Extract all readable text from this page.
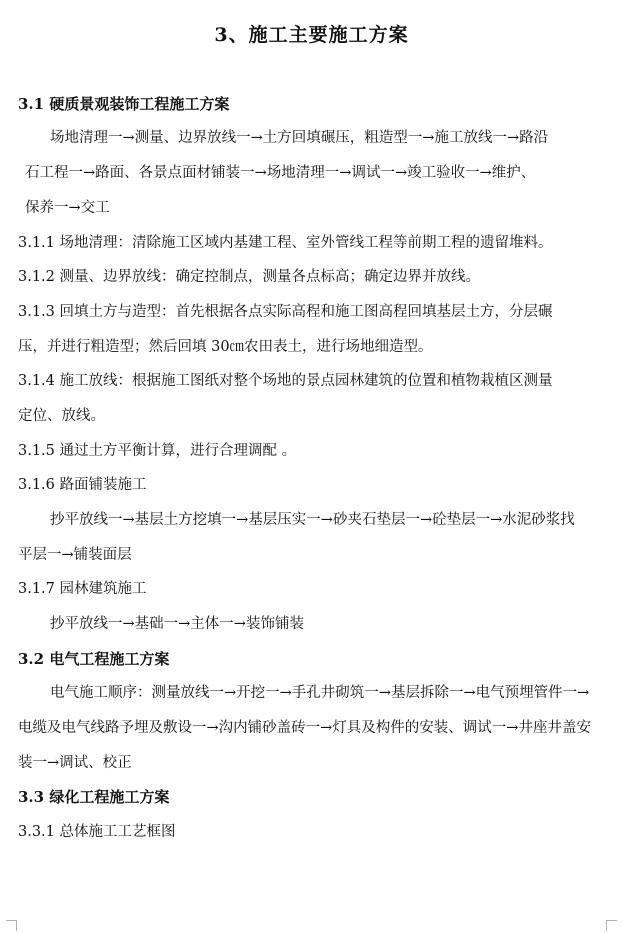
3、施工主要施工方案
3.1 硬质景观装饰工程施工方案
场地清理一→测量、边界放线一→土方回填碾压，粗造型一→施工放线一→路沿
石工程一→路面、各景点面材铺装一→场地清理一→调试一→竣工验收一→维护、
保养一→交工
3.1.1 场地清理：清除施工区域内基建工程、室外管线工程等前期工程的遗留堆料。
3.1.2 测量、边界放线：确定控制点，测量各点标高；确定边界并放线。
3.1.3 回填土方与造型：首先根据各点实际高程和施工图高程回填基层土方，分层碾
压，并进行粗造型；然后回填 30㎝农田表土，进行场地细造型。
3.1.4 施工放线：根据施工图纸对整个场地的景点园林建筑的位置和植物栽植区测量
定位、放线。
3.1.5 通过土方平衡计算，进行合理调配 。
3.1.6 路面铺装施工
抄平放线一→基层土方挖填一→基层压实一→砂夹石垫层一→砼垫层一→水泥砂浆找
平层一→铺装面层
3.1.7 园林建筑施工
抄平放线一→基础一→主体一→装饰铺装
3.2 电气工程施工方案
电气施工顺序：测量放线一→开挖一→手孔井砌筑一→基层拆除一→电气预埋管件一→
电缆及电气线路予埋及敷设一→沟内铺砂盖砖一→灯具及构件的安装、调试一→井座井盖安
装一→调试、校正
3.3 绿化工程施工方案
3.3.1 总体施工工艺框图
